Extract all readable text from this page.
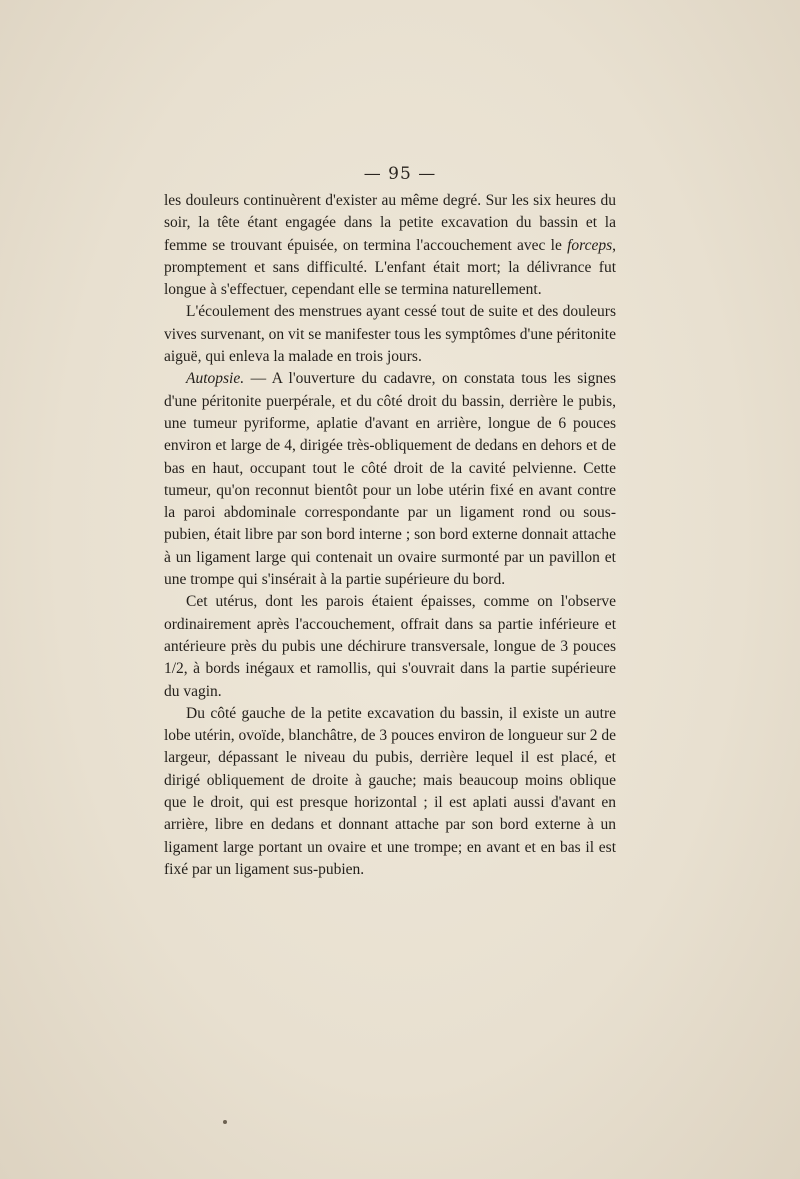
— 95 —

les douleurs continuèrent d'exister au même degré. Sur les six heures du soir, la tête étant engagée dans la petite excavation du bassin et la femme se trouvant épuisée, on termina l'accouchement avec le forceps, promptement et sans difficulté. L'enfant était mort; la délivrance fut longue à s'effectuer, cependant elle se termina naturellement.

L'écoulement des menstrues ayant cessé tout de suite et des douleurs vives survenant, on vit se manifester tous les symptômes d'une péritonite aiguë, qui enleva la malade en trois jours.

Autopsie. — A l'ouverture du cadavre, on constata tous les signes d'une péritonite puerpérale, et du côté droit du bassin, derrière le pubis, une tumeur pyriforme, aplatie d'avant en arrière, longue de 6 pouces environ et large de 4, dirigée très-obliquement de dedans en dehors et de bas en haut, occupant tout le côté droit de la cavité pelvienne. Cette tumeur, qu'on reconnut bientôt pour un lobe utérin fixé en avant contre la paroi abdominale correspondante par un ligament rond ou sous-pubien, était libre par son bord interne ; son bord externe donnait attache à un ligament large qui contenait un ovaire surmonté par un pavillon et une trompe qui s'insérait à la partie supérieure du bord.

Cet utérus, dont les parois étaient épaisses, comme on l'observe ordinairement après l'accouchement, offrait dans sa partie inférieure et antérieure près du pubis une déchirure transversale, longue de 3 pouces 1/2, à bords inégaux et ramollis, qui s'ouvrait dans la partie supérieure du vagin.

Du côté gauche de la petite excavation du bassin, il existe un autre lobe utérin, ovoïde, blanchâtre, de 3 pouces environ de longueur sur 2 de largeur, dépassant le niveau du pubis, derrière lequel il est placé, et dirigé obliquement de droite à gauche; mais beaucoup moins oblique que le droit, qui est presque horizontal ; il est aplati aussi d'avant en arrière, libre en dedans et donnant attache par son bord externe à un ligament large portant un ovaire et une trompe; en avant et en bas il est fixé par un ligament sus-pubien.
